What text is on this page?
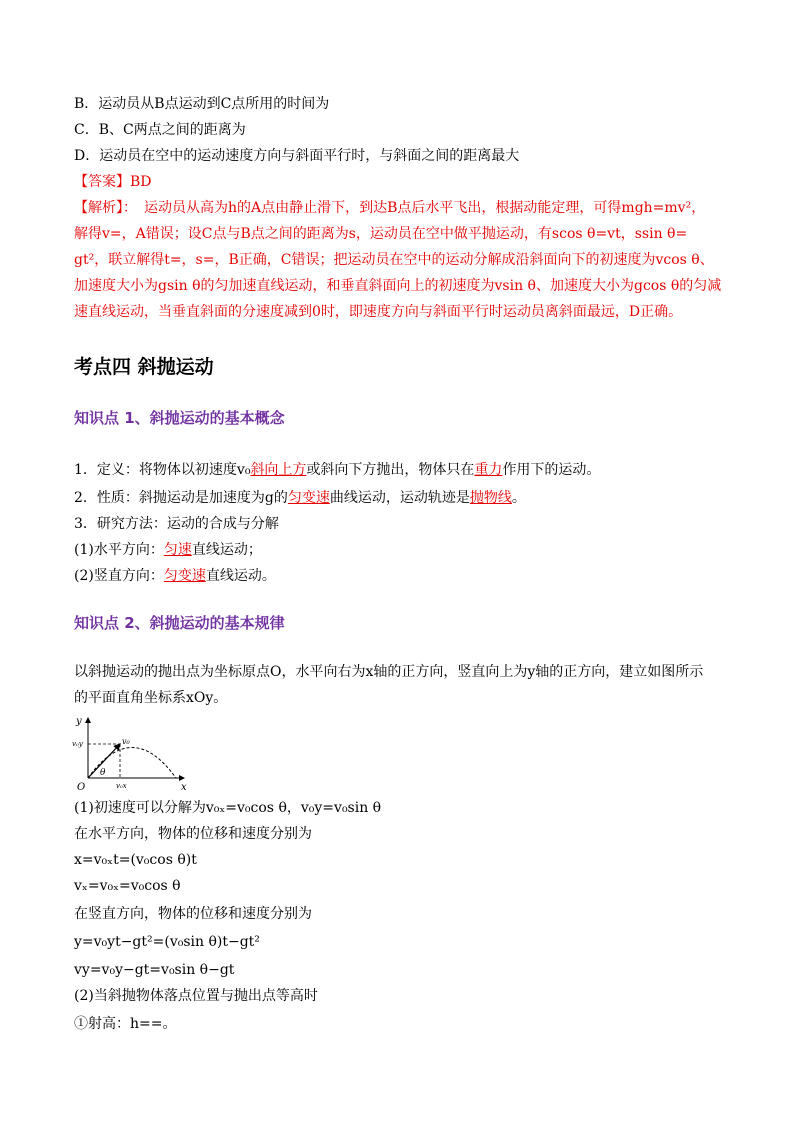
B．运动员从B点运动到C点所用的时间为
C．B、C两点之间的距离为
D．运动员在空中的运动速度方向与斜面平行时，与斜面之间的距离最大
【答案】BD
【解析】：　运动员从高为h的A点由静止滑下，到达B点后水平飞出，根据动能定理，可得mgh=mv²，
解得v=，A错误；设C点与B点之间的距离为s，运动员在空中做平抛运动，有scos θ=vt，ssin θ=
gt²，联立解得t=，s=，B正确，C错误；把运动员在空中的运动分解成沿斜面向下的初速度为vcos θ、
加速度大小为gsin θ的匀加速直线运动，和垂直斜面向上的初速度为vsin θ、加速度大小为gcos θ的匀减
速直线运动，当垂直斜面的分速度减到0时，即速度方向与斜面平行时运动员离斜面最远，D正确。
考点四 斜抛运动
知识点 1、斜抛运动的基本概念
1．定义：将物体以初速度v₀斜向上方或斜向下方抛出，物体只在重力作用下的运动。
2．性质：斜抛运动是加速度为g的匀变速曲线运动，运动轨迹是抛物线。
3．研究方法：运动的合成与分解
(1)水平方向：匀速直线运动；
(2)竖直方向：匀变速直线运动。
知识点 2、斜抛运动的基本规律
以斜抛运动的抛出点为坐标原点O，水平向右为x轴的正方向，竖直向上为y轴的正方向，建立如图所示
的平面直角坐标系xOy。
y
x
O
v₀
v₀y
v₀x
θ
(1)初速度可以分解为v₀ₓ=v₀cos θ，v₀y=v₀sin θ
在水平方向，物体的位移和速度分别为
x=v₀ₓt=(v₀cos θ)t
vₓ=v₀ₓ=v₀cos θ
在竖直方向，物体的位移和速度分别为
y=v₀yt−gt²=(v₀sin θ)t−gt²
vy=v₀y−gt=v₀sin θ−gt
(2)当斜抛物体落点位置与抛出点等高时
①射高：h==。
